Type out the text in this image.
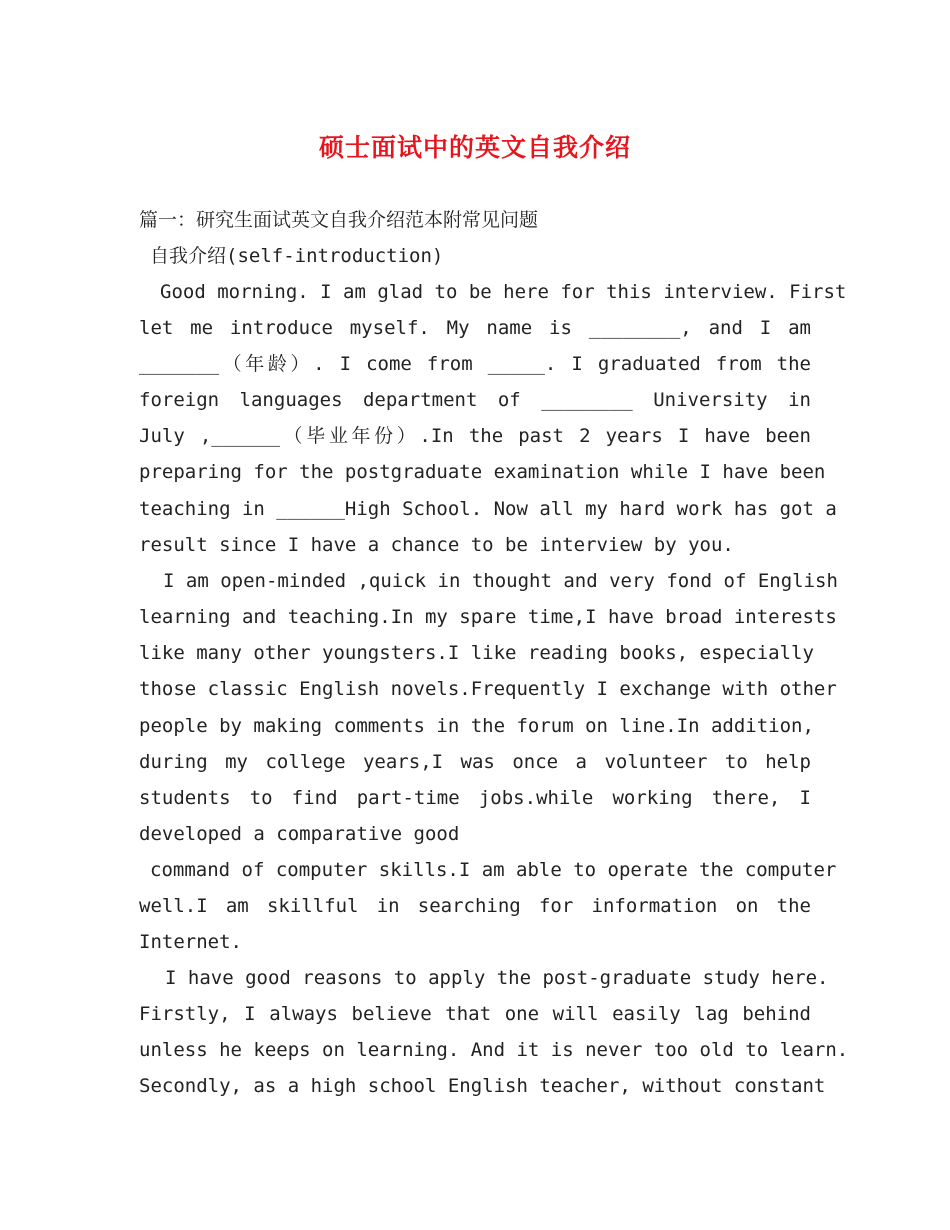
硕士面试中的英文自我介绍
篇一：研究生面试英文自我介绍范本附常见问题
自我介绍(self-introduction)
Good morning. I am glad to be here for this interview. First
let me introduce myself. My name is ________, and I am
_______（年龄）. I come from _____. I graduated from the
foreign languages department of ________ University in
July ,______（毕业年份）.In the past 2 years I have been
preparing for the postgraduate examination while I have been
teaching in ______High School. Now all my hard work has got a
result since I have a chance to be interview by you.
I am open-minded ,quick in thought and very fond of English
learning and teaching.In my spare time,I have broad interests
like many other youngsters.I like reading books, especially
those classic English novels.Frequently I exchange with other
people by making comments in the forum on line.In addition,
during my college years,I was once a volunteer to help
students to find part-time jobs.while working there, I
developed a comparative good
command of computer skills.I am able to operate the computer
well.I am skillful in searching for information on the
Internet.
I have good reasons to apply the post-graduate study here.
Firstly, I always believe that one will easily lag behind
unless he keeps on learning. And it is never too old to learn.
Secondly, as a high school English teacher, without constant
